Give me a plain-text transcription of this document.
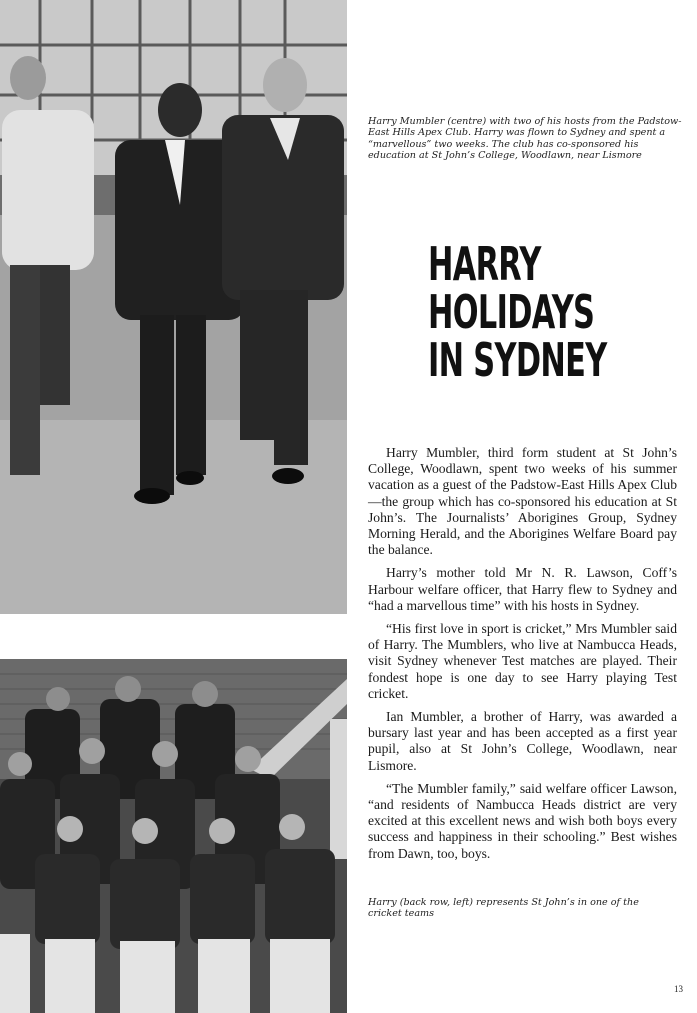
Harry Mumbler (centre) with two of his hosts from the Padstow-East Hills Apex Club. Harry was flown to Sydney and spent a “marvellous” two weeks. The club has co-sponsored his education at St John’s College, Woodlawn, near Lismore
HARRY
HOLIDAYS
IN SYDNEY

Harry Mumbler, third form student at St John’s College, Woodlawn, spent two weeks of his summer vacation as a guest of the Padstow-East Hills Apex Club—the group which has co-sponsored his education at St John’s. The Journalists’ Aborigines Group, Sydney Morning Herald, and the Aborigines Welfare Board pay the balance.

Harry’s mother told Mr N. R. Lawson, Coff’s Harbour welfare officer, that Harry flew to Sydney and “had a marvellous time” with his hosts in Sydney.

“His first love in sport is cricket,” Mrs Mumbler said of Harry. The Mumblers, who live at Nambucca Heads, visit Sydney whenever Test matches are played. Their fondest hope is one day to see Harry playing Test cricket.

Ian Mumbler, a brother of Harry, was awarded a bursary last year and has been accepted as a first year pupil, also at St John’s College, Woodlawn, near Lismore.

“The Mumbler family,” said welfare officer Lawson, “and residents of Nambucca Heads district are very excited at this excellent news and wish both boys every success and happiness in their schooling.” Best wishes from Dawn, too, boys.

Harry (back row, left) represents St John’s in one of the cricket teams
13
